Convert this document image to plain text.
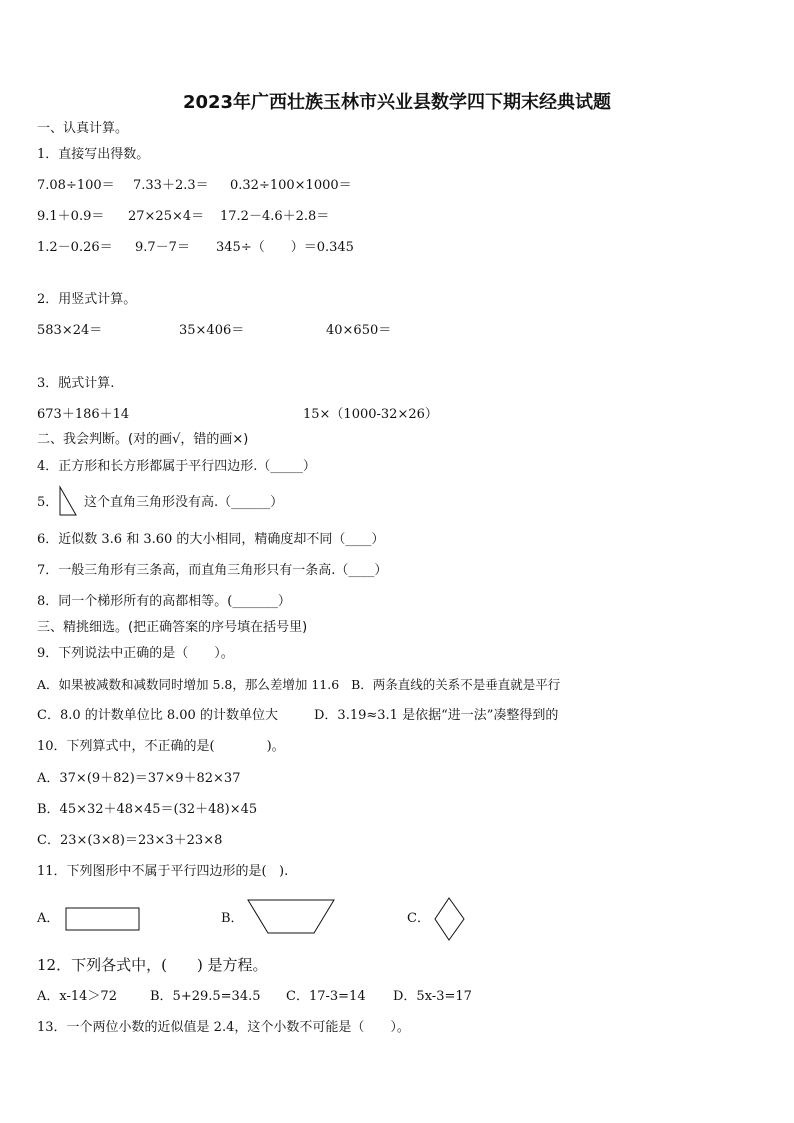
2023年广西壮族玉林市兴业县数学四下期末经典试题
一、认真计算。
1．直接写出得数。
7.08÷100＝ 7.33＋2.3＝ 0.32÷100×1000＝
9.1＋0.9＝ 27×25×4＝ 17.2－4.6＋2.8＝
1.2－0.26＝ 9.7－7＝ 345÷（　　）＝0.345
2．用竖式计算。
583×24＝	35×406＝	40×650＝
3．脱式计算.
673＋186＋14	15×（1000-32×26）
二、我会判断。(对的画√，错的画×)
4．正方形和长方形都属于平行四边形.（_____）
5． 这个直角三角形没有高.（______）
6．近似数 3.6 和 3.60 的大小相同，精确度却不同（____）
7．一般三角形有三条高，而直角三角形只有一条高.（____）
8．同一个梯形所有的高都相等。(_______）
三、精挑细选。(把正确答案的序号填在括号里)
9．下列说法中正确的是（　　）。
A．如果被减数和减数同时增加 5.8，那么差增加 11.6   B．两条直线的关系不是垂直就是平行
C．8.0 的计数单位比 8.00 的计数单位大	D．3.19≈3.1 是依据“进一法”凑整得到的
10．下列算式中，不正确的是(　　　　)。
A．37×(9＋82)＝37×9＋82×37
B．45×32＋48×45＝(32＋48)×45
C．23×(3×8)＝23×3＋23×8
11．下列图形中不属于平行四边形的是(   ).
A．	B．	C．
12．下列各式中，(　　) 是方程。
A．x-14＞72	B．5+29.5=34.5 C．17-3=14 D．5x-3=17
13．一个两位小数的近似值是 2.4，这个小数不可能是（　　）。
